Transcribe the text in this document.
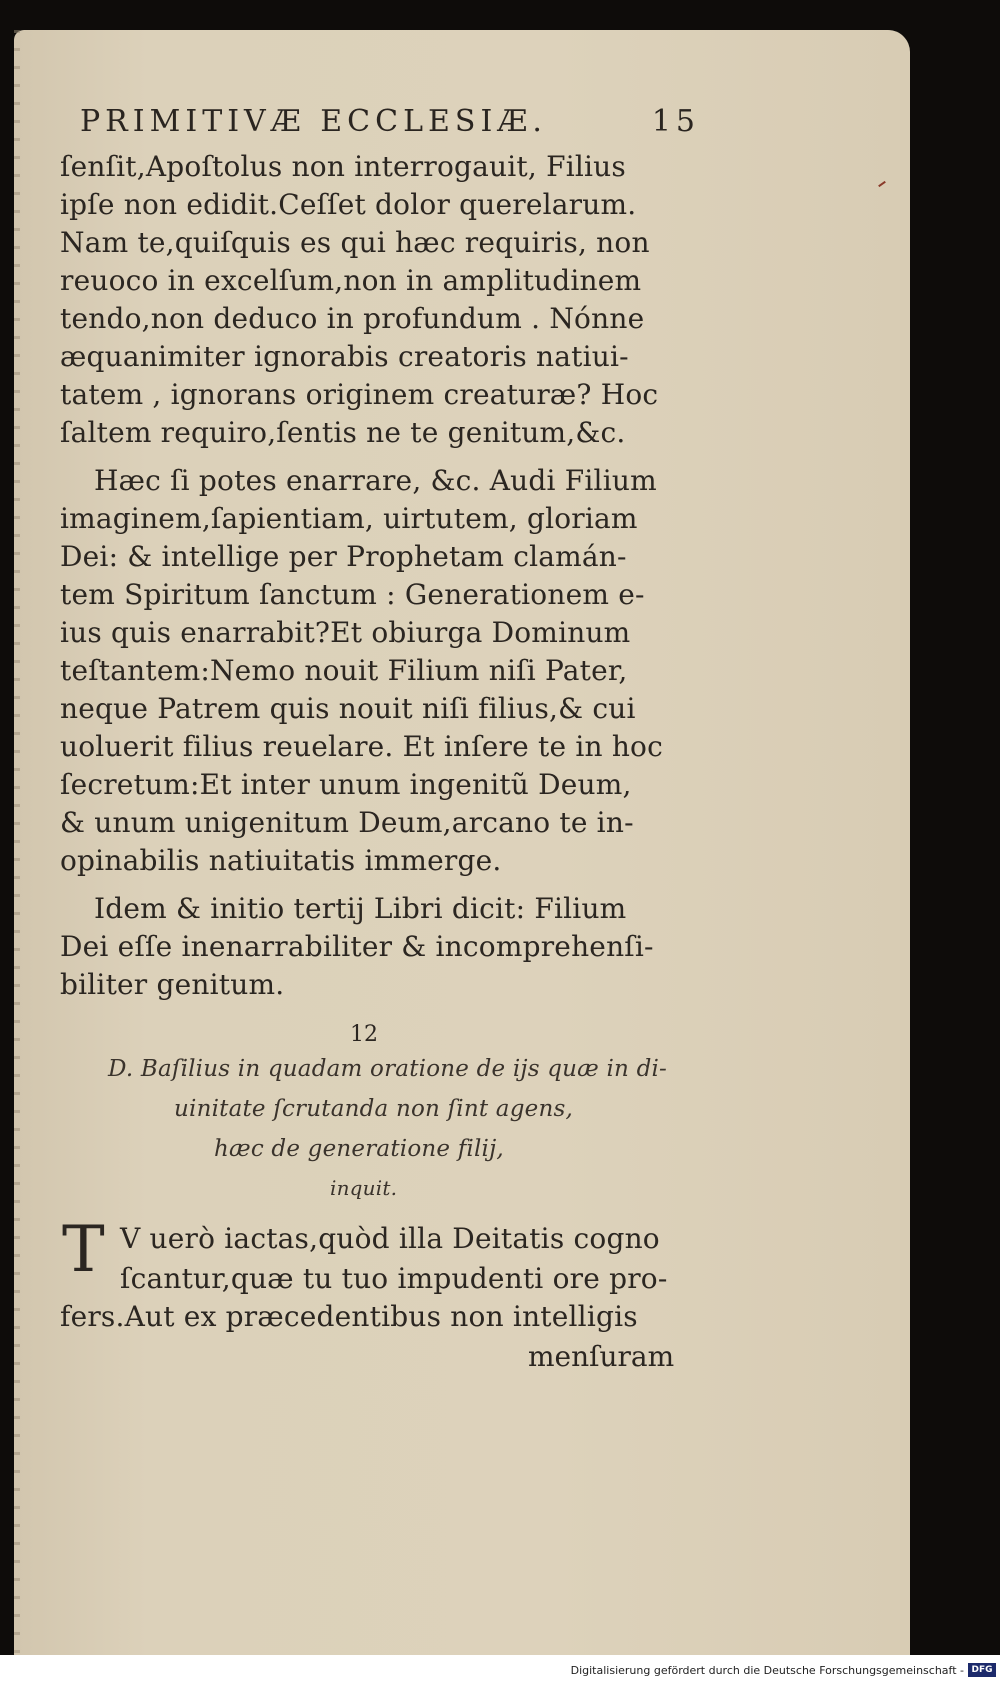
PRIMITIVÆ ECCLESIÆ.	15
ſenſit,Apoſtolus non interrogauit, Filius
ipſe non edidit.Ceſſet dolor querelarum.
Nam te,quiſquis es qui hæc requiris, non
reuoco in excelſum,non in amplitudinem
tendo,non deduco in profundum . Nónne
æquanimiter ignorabis creatoris natiui-
tatem , ignorans originem creaturæ? Hoc
ſaltem requiro,ſentis ne te genitum,&c.
Hæc ſi potes enarrare, &c. Audi Filium
imaginem,ſapientiam, uirtutem, gloriam
Dei: & intellige per Prophetam clamán-
tem Spiritum ſanctum : Generationem e-
ius quis enarrabit?Et obiurga Dominum
teſtantem:Nemo nouit Filium niſi Pater,
neque Patrem quis nouit niſi filius,& cui
uoluerit filius reuelare. Et inſere te in hoc
ſecretum:Et inter unum ingenitũ Deum,
& unum unigenitum Deum,arcano te in-
opinabilis natiuitatis immerge.
Idem & initio tertij Libri dicit: Filium
Dei eſſe inenarrabiliter & incomprehenſi-
biliter genitum.
12
D. Baſilius in quadam oratione de ijs quæ in di-
uinitate ſcrutanda non ſint agens,
hæc de generatione filij,
inquit.
T V uerò iactas,quòd illa Deitatis cogno
ſcantur,quæ tu tuo impudenti ore pro-
fers.Aut ex præcedentibus non intelligis
menſuram
Digitalisierung gefördert durch die Deutsche Forschungsgemeinschaft - DFG
